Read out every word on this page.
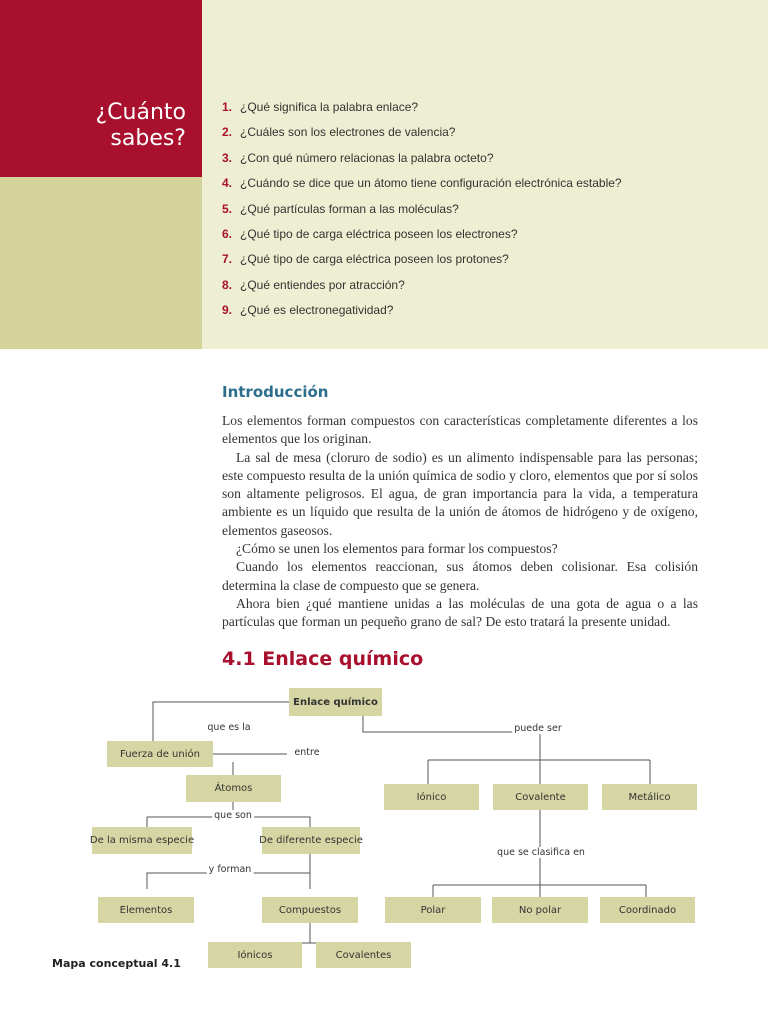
¿Cuánto
sabes?
1. ¿Qué significa la palabra enlace?
2. ¿Cuáles son los electrones de valencia?
3. ¿Con qué número relacionas la palabra octeto?
4. ¿Cuándo se dice que un átomo tiene configuración electrónica estable?
5. ¿Qué partículas forman a las moléculas?
6. ¿Qué tipo de carga eléctrica poseen los electrones?
7. ¿Qué tipo de carga eléctrica poseen los protones?
8. ¿Qué entiendes por atracción?
9. ¿Qué es electronegatividad?
Introducción

Los elementos forman compuestos con características completamente diferentes a los elementos que los originan.

La sal de mesa (cloruro de sodio) es un alimento indispensable para las personas; este compuesto resulta de la unión química de sodio y cloro, elementos que por sí solos son altamente peligrosos. El agua, de gran importancia para la vida, a temperatura ambiente es un líquido que resulta de la unión de átomos de hidrógeno y de oxígeno, elementos gaseosos.

¿Cómo se unen los elementos para formar los compuestos?

Cuando los elementos reaccionan, sus átomos deben colisionar. Esa colisión determina la clase de compuesto que se genera.

Ahora bien ¿qué mantiene unidas a las moléculas de una gota de agua o a las partículas que forman un pequeño grano de sal? De esto tratará la presente unidad.

4.1 Enlace químico
Enlace químico
Fuerza de unión
Átomos
De la misma especie	De diferente especie
Elementos	Compuestos
Iónicos	Covalentes
Iónico	Covalente	Metálico
Polar	No polar	Coordinado
que es la
entre
que son
y forman
puede ser
que se clasifica en
Mapa conceptual 4.1
